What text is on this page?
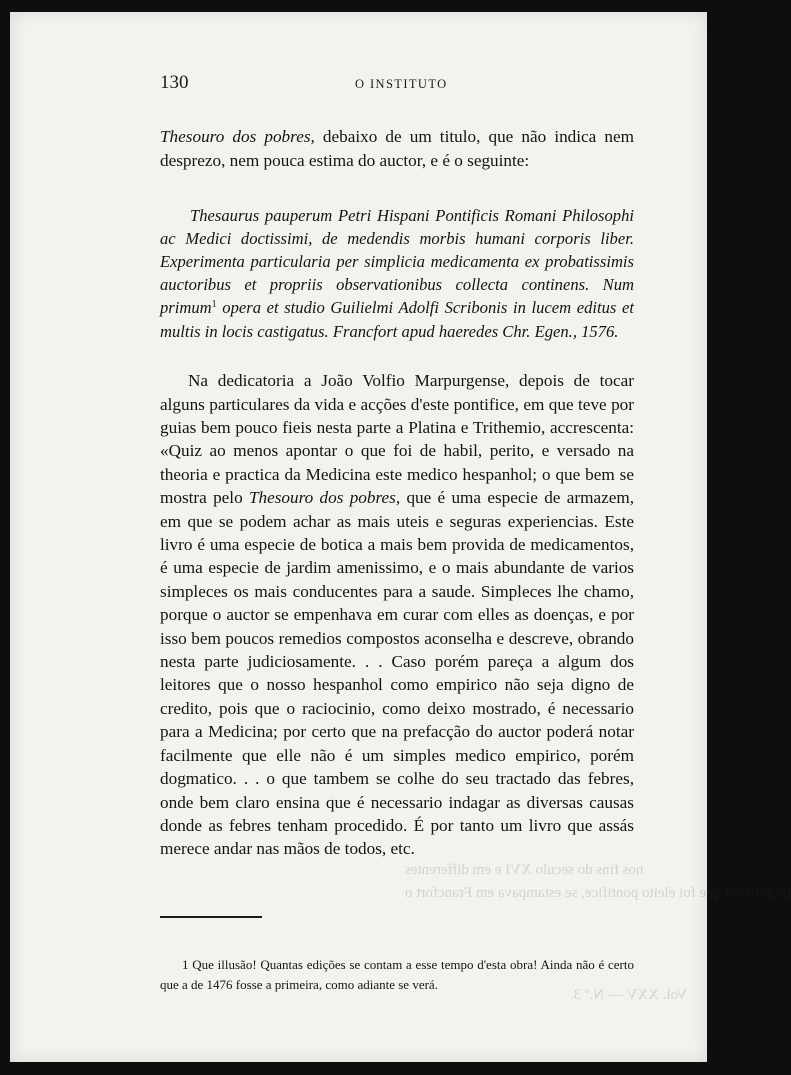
nos fins do seculo XVI e em differentes
proprio em que foi eleito pontifice, se estampava em Francfort o
Vol. XXV — N.º 3.
130	O INSTITUTO

Thesouro dos pobres, debaixo de um titulo, que não indica nem desprezo, nem pouca estima do auctor, e é o seguinte:

Thesaurus pauperum Petri Hispani Pontificis Romani Philosophi ac Medici doctissimi, de medendis morbis humani corporis liber. Experimenta particularia per simplicia medicamenta ex probatissimis auctoribus et propriis observationibus collecta continens. Num primum$^1$ opera et studio Guilielmi Adolfi Scribonis in lucem editus et multis in locis castigatus. Francfort apud haeredes Chr. Egen., 1576.

Na dedicatoria a João Volfio Marpurgense, depois de tocar alguns particulares da vida e acções d'este pontifice, em que teve por guias bem pouco fieis nesta parte a Platina e Trithemio, accrescenta: «Quiz ao menos apontar o que foi de habil, perito, e versado na theoria e practica da Medicina este medico hespanhol; o que bem se mostra pelo Thesouro dos pobres, que é uma especie de armazem, em que se podem achar as mais uteis e seguras experiencias. Este livro é uma especie de botica a mais bem provida de medicamentos, é uma especie de jardim amenissimo, e o mais abundante de varios simpleces os mais conducentes para a saude. Simpleces lhe chamo, porque o auctor se empenhava em curar com elles as doenças, e por isso bem poucos remedios compostos aconselha e descreve, obrando nesta parte judiciosamente. . . Caso porém pareça a algum dos leitores que o nosso hespanhol como empirico não seja digno de credito, pois que o raciocinio, como deixo mostrado, é necessario para a Medicina; por certo que na prefacção do auctor poderá notar facilmente que elle não é um simples medico empirico, porém dogmatico. . . o que tambem se colhe do seu tractado das febres, onde bem claro ensina que é necessario indagar as diversas causas donde as febres tenham procedido. É por tanto um livro que assás merece andar nas mãos de todos, etc.

1 Que illusão! Quantas edições se contam a esse tempo d'esta obra! Ainda não é certo que a de 1476 fosse a primeira, como adiante se verá.
